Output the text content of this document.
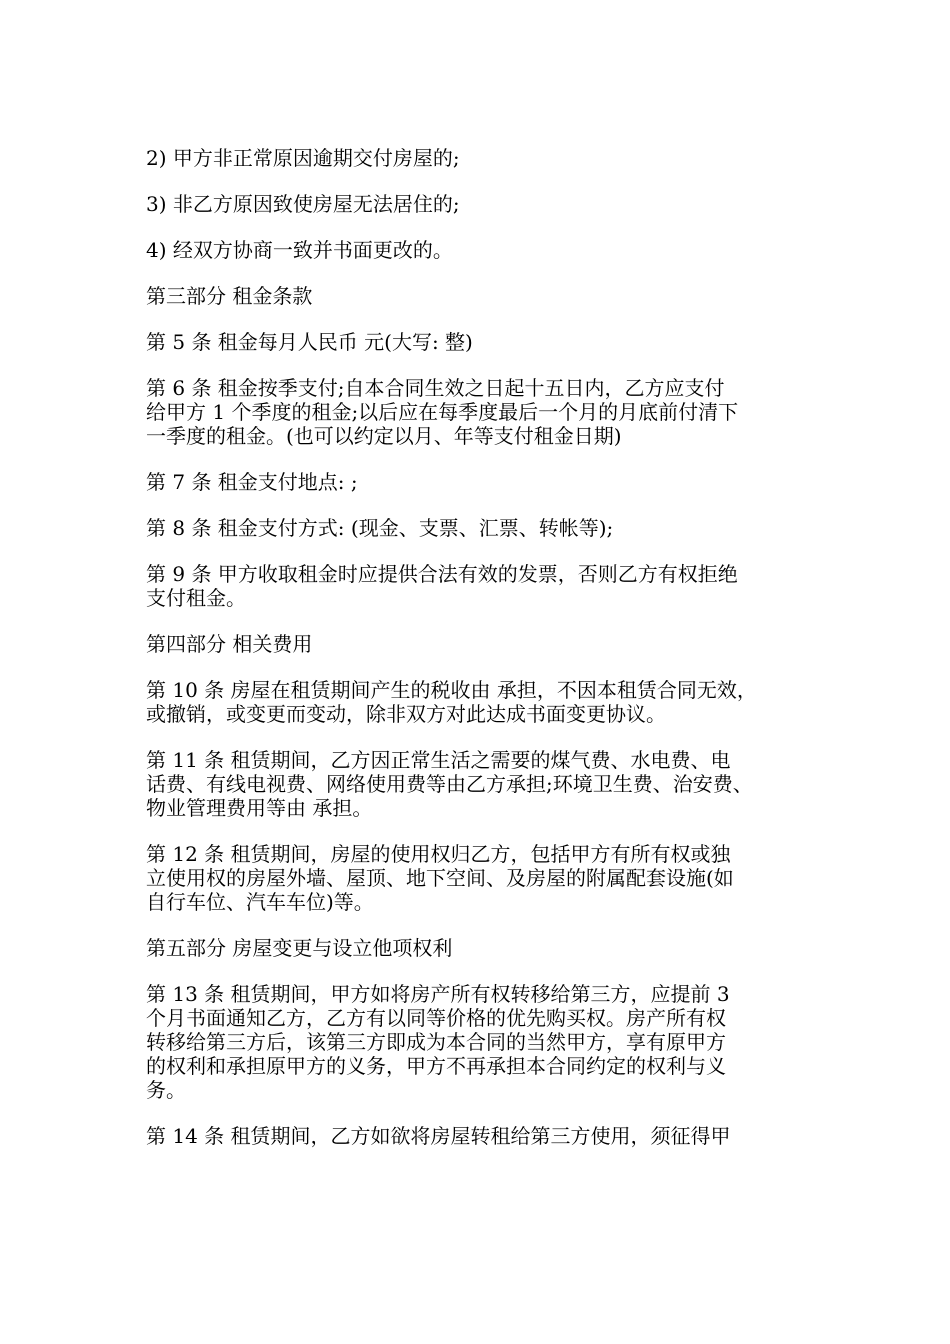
2) 甲方非正常原因逾期交付房屋的;

3) 非乙方原因致使房屋无法居住的;

4) 经双方协商一致并书面更改的。

第三部分 租金条款

第 5 条 租金每月人民币 元(大写: 整)

第 6 条 租金按季支付;自本合同生效之日起十五日内，乙方应支付
给甲方 1 个季度的租金;以后应在每季度最后一个月的月底前付清下
一季度的租金。(也可以约定以月、年等支付租金日期)

第 7 条 租金支付地点: ;

第 8 条 租金支付方式: (现金、支票、汇票、转帐等);

第 9 条 甲方收取租金时应提供合法有效的发票，否则乙方有权拒绝
支付租金。

第四部分 相关费用

第 10 条 房屋在租赁期间产生的税收由 承担，不因本租赁合同无效，
或撤销，或变更而变动，除非双方对此达成书面变更协议。

第 11 条 租赁期间，乙方因正常生活之需要的煤气费、水电费、电
话费、有线电视费、网络使用费等由乙方承担;环境卫生费、治安费、
物业管理费用等由 承担。

第 12 条 租赁期间，房屋的使用权归乙方，包括甲方有所有权或独
立使用权的房屋外墙、屋顶、地下空间、及房屋的附属配套设施(如
自行车位、汽车车位)等。

第五部分 房屋变更与设立他项权利

第 13 条 租赁期间，甲方如将房产所有权转移给第三方，应提前 3
个月书面通知乙方，乙方有以同等价格的优先购买权。房产所有权
转移给第三方后，该第三方即成为本合同的当然甲方，享有原甲方
的权利和承担原甲方的义务，甲方不再承担本合同约定的权利与义
务。

第 14 条 租赁期间，乙方如欲将房屋转租给第三方使用，须征得甲
